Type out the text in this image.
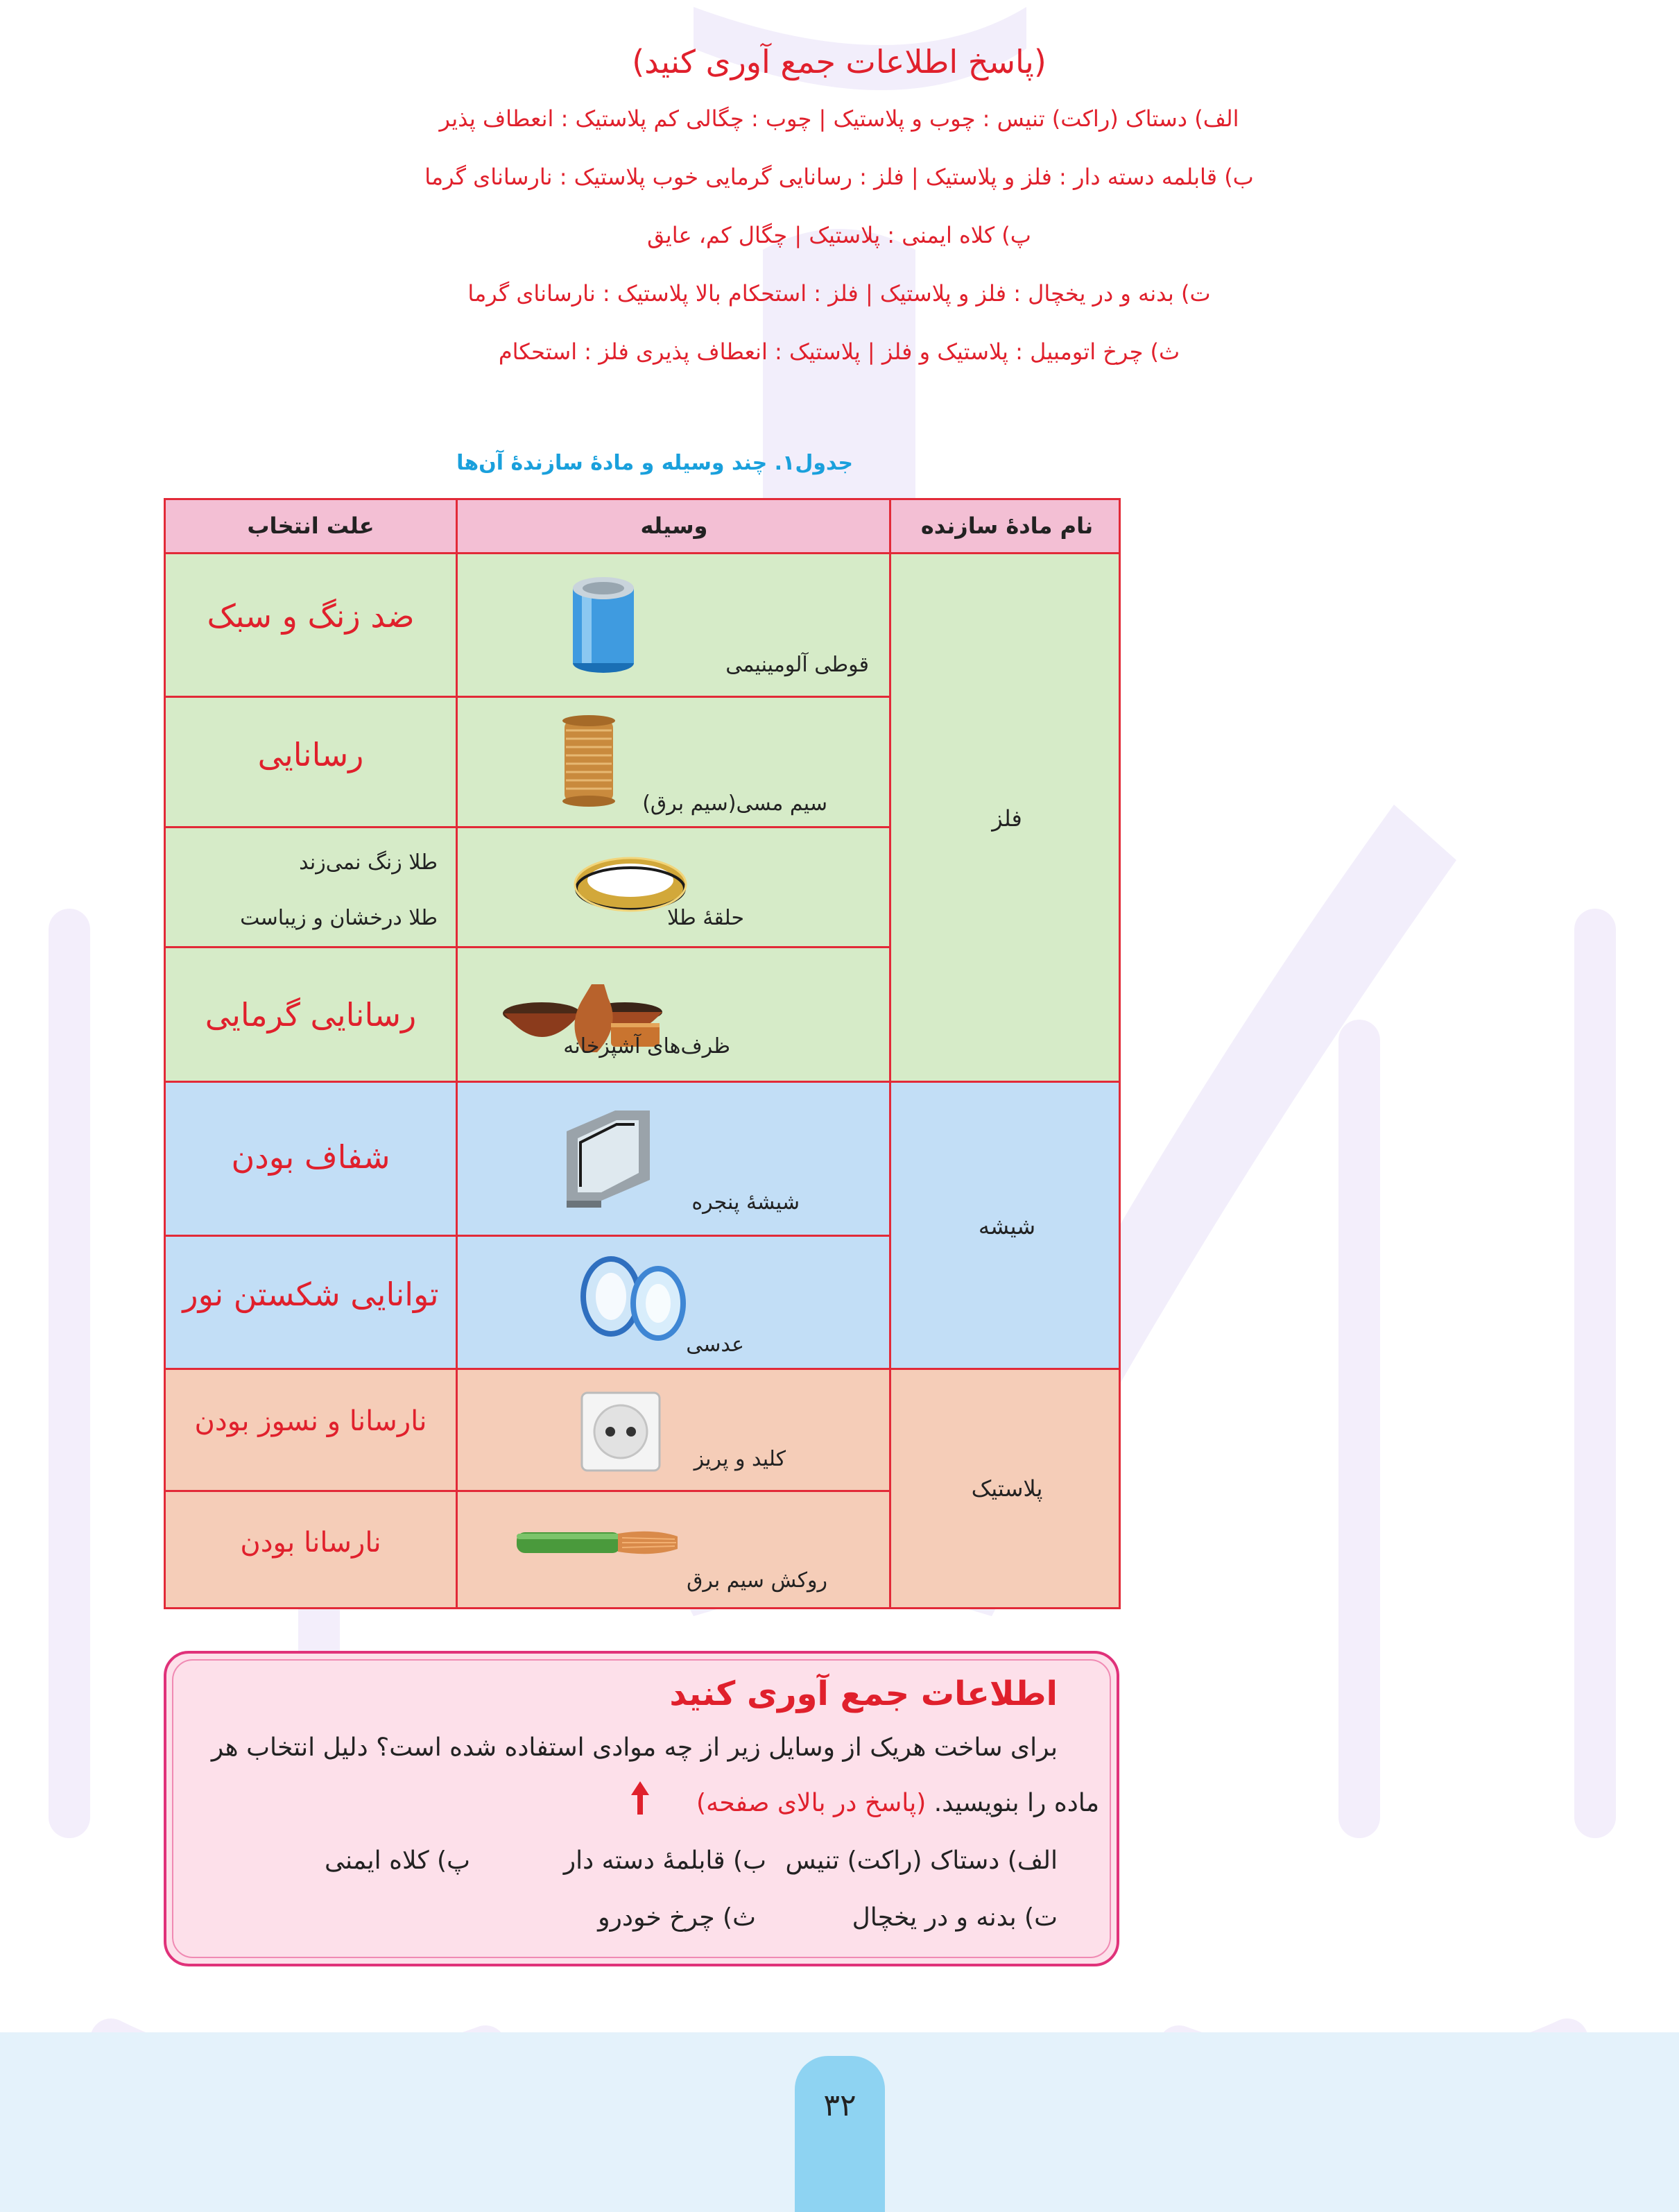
۳۲
(پاسخ اطلاعات جمع آوری کنید)
الف) دستاک (راکت) تنیس : چوب و پلاستیک | چوب : چگالی کم پلاستیک : انعطاف پذیر
ب) قابلمه دسته دار : فلز و پلاستیک | فلز : رسانایی گرمایی خوب پلاستیک : نارسانای گرما
پ) کلاه ایمنی : پلاستیک | چگال کم، عایق
ت) بدنه و در یخچال : فلز و پلاستیک | فلز : استحکام بالا پلاستیک : نارسانای گرما
ث) چرخ اتومبیل : پلاستیک و فلز | پلاستیک : انعطاف پذیری فلز : استحکام
جدول۱. چند وسیله و مادهٔ سازندهٔ آن‌ها
نام مادهٔ سازنده
وسیله
علت انتخاب
فلز
شیشه
پلاستیک
قوطی آلومینیمی
ضد زنگ و سبک
سیم مسی(سیم برق)
رسانایی
حلقهٔ طلا
طلا زنگ نمی‌زند
طلا درخشان و زیباست
ظرف‌های آشپزخانه
رسانایی گرمایی
شیشهٔ پنجره
شفاف بودن
عدسی
توانایی شکستن نور
کلید و پریز
نارسانا و نسوز بودن
روکش سیم برق
نارسانا بودن
اطلاعات جمع آوری کنید
برای ساخت هریک از وسایل زیر از چه موادی استفاده شده است؟ دلیل انتخاب هر
ماده را بنویسید. (پاسخ در بالای صفحه)
الف) دستاک (راکت) تنیس
ب) قابلمهٔ دسته دار
پ) کلاه ایمنی
ت) بدنه و در یخچال
ث) چرخ خودرو
